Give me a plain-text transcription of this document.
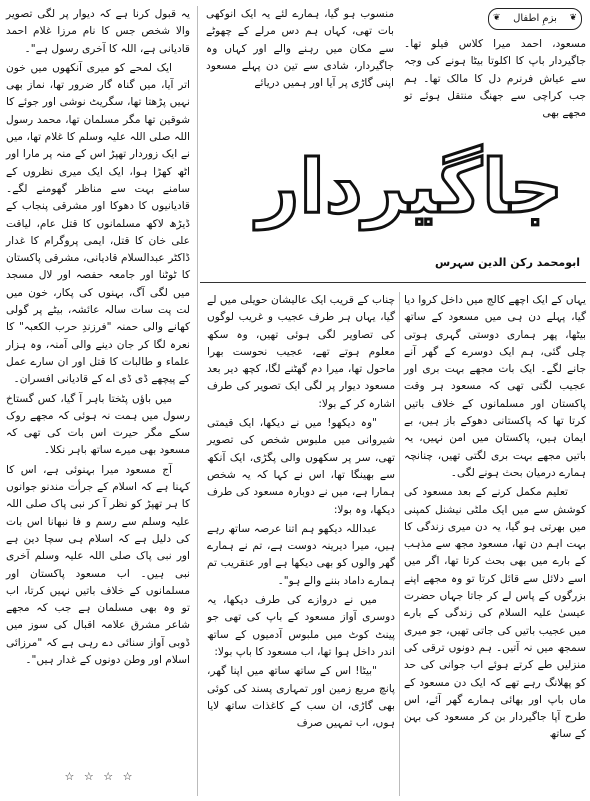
❦
بزمِ اطفال
❦

مسعود، احمد میرا کلاس فیلو تھا۔ جاگیردار باپ کا اکلوتا بیٹا ہونے کی وجہ سے عیاش فرنرم دل کا مالک تھا۔ ہم جب کراچی سے جھنگ منتقل ہوئے تو مجھے بھی

منسوب ہو گیا، ہمارے لئے یہ ایک انوکھی بات تھی، کہاں ہم دس مرلے کے چھوٹے سے مکان میں رہنے والے اور کہاں وہ جاگیردار، شادی سے تین دن پہلے مسعود اپنی گاڑی پر آیا اور ہمیں دریائے

جاگیردار
ابومحمد رکن الدین سہرس

یہاں کے ایک اچھے کالج میں داخل کروا دیا گیا، پہلے دن ہی میں مسعود کے ساتھ بیٹھا، پھر ہماری دوستی گہری ہوتی چلی گئی، ہم ایک دوسرے کے گھر آنے جانے لگے۔ ایک بات مجھے بہت بری اور عجیب لگتی تھی کہ مسعود ہر وقت پاکستان اور مسلمانوں کے خلاف باتیں کرتا تھا کہ پاکستانی دھوکے باز ہیں، بے ایمان ہیں، پاکستان میں امن نہیں، یہ باتیں مجھے بہت بری لگتی تھیں، چنانچہ ہمارے درمیان بحث ہونے لگی۔

تعلیم مکمل کرنے کے بعد مسعود کی کوشش سے میں ایک ملٹی نیشنل کمپنی میں بھرتی ہو گیا، یہ دن میری زندگی کا بہت اہم دن تھا، مسعود مجھ سے مذہب کے بارے میں بھی بحث کرتا تھا، اگر میں اسے دلائل سے قائل کرتا تو وہ مجھے اپنے بزرگوں کے پاس لے کر جاتا جہاں حضرت عیسیٰ علیہ السلام کی زندگی کے بارے میں عجیب باتیں کی جاتی تھیں، جو میری سمجھ میں نہ آتیں۔ ہم دونوں ترقی کی منزلیں طے کرتے ہوئے اب جوانی کی حد کو پھلانگ رہے تھے کہ ایک دن مسعود کے ماں باپ اور بھائی ہمارے گھر آئے، اس طرح آپا جاگیردار بن کر مسعود کی بہن کے ساتھ

چناب کے قریب ایک عالیشان حویلی میں لے گیا، یہاں ہر طرف عجیب و غریب لوگوں کی تصاویر لگی ہوئی تھیں، وہ سکھ معلوم ہوتے تھے، عجیب نحوست بھرا ماحول تھا، میرا دم گھٹنے لگا، کچھ دیر بعد مسعود دیوار پر لگی ایک تصویر کی طرف اشارہ کر کے بولا:

"وہ دیکھو! میں نے دیکھا، ایک قیمتی شیروانی میں ملبوس شخص کی تصویر تھی، سر پر سکھوں والی پگڑی، ایک آنکھ سے بھینگا تھا، اس نے کہا کہ یہ شخص ہمارا ہے، میں نے دوبارہ مسعود کی طرف دیکھا، وہ بولا:

عبداللہ دیکھو ہم اتنا عرصہ ساتھ رہے ہیں، میرا دیرینہ دوست ہے، تم نے ہمارے گھر والوں کو بھی دیکھا ہے اور عنقریب تم ہمارے داماد بننے والے ہو"۔

میں نے دروازے کی طرف دیکھا، یہ دوسری آواز مسعود کے باپ کی تھی جو پینٹ کوٹ میں ملبوس آدمیوں کے ساتھ اندر داخل ہوا تھا، اب مسعود کا باپ بولا:

"بیٹا! اس کے ساتھ ساتھ میں اپنا گھر، پانچ مربع زمین اور تمہاری پسند کی کوئی بھی گاڑی، ان سب کے کاغذات ساتھ لایا ہوں، اب تمہیں صرف

یہ قبول کرنا ہے کہ دیوار پر لگی تصویر والا شخص جس کا نام مرزا غلام احمد قادیانی ہے، اللہ کا آخری رسول ہے"۔

ایک لمحے کو میری آنکھوں میں خون اتر آیا، میں گناہ گار ضرور تھا، نماز بھی نہیں پڑھتا تھا، سگریٹ نوشی اور جوئے کا شوقین تھا مگر مسلمان تھا، محمد رسول اللہ صلی اللہ علیہ وسلم کا غلام تھا، میں نے ایک زوردار تھپڑ اس کے منہ پر مارا اور اٹھ کھڑا ہوا، ایک ایک میری نظروں کے سامنے بہت سے مناظر گھومنے لگے۔ قادیانیوں کا دھوکا اور مشرقی پنجاب کے ڈیڑھ لاکھ مسلمانوں کا قتل عام، لیاقت علی خان کا قتل، ایمی پروگرام کا غدار ڈاکٹر عبدالسلام قادیانی، مشرقی پاکستان کا ٹوٹنا اور جامعہ حفصہ اور لال مسجد میں لگی آگ، بہنوں کی پکار، خون میں لت پت سات سالہ عائشہ، بیٹے پر گولی کھانے والی حمنہ "فرزندِ حرب الکعبہ" کا نعرہ لگا کر جان دینے والی آمنہ، وہ ہزار علماء و طالبات کا قتل اور ان سارے عمل کے پیچھے ڈی ڈی اے کے قادیانی افسران۔

میں باؤں پٹختا باہر آ گیا، کس گستاخ رسول میں ہمت نہ ہوئی کہ مجھے روک سکے مگر حیرت اس بات کی تھی کہ مسعود بھی میرے ساتھ باہر نکلا۔

آج مسعود میرا بہنوئی ہے، اس کا کہنا ہے کہ اسلام کے جرأت مندنو جوانوں کا ہر تھپڑ کو نظر آ کر نبی پاک صلی اللہ علیہ وسلم سے رسم و فا نبھانا اس بات کی دلیل ہے کہ اسلام ہی سچا دین ہے اور نبی پاک صلی اللہ علیہ وسلم آخری نبی ہیں۔ اب مسعود پاکستان اور مسلمانوں کے خلاف باتیں نہیں کرتا، اب تو وہ بھی مسلمان ہے جب کہ مجھے شاعر مشرق علامہ اقبال کی سوز میں ڈوبی آواز سنائی دے رہی ہے کہ "مرزائی اسلام اور وطن دونوں کے غدار ہیں"۔

☆ ☆ ☆ ☆
